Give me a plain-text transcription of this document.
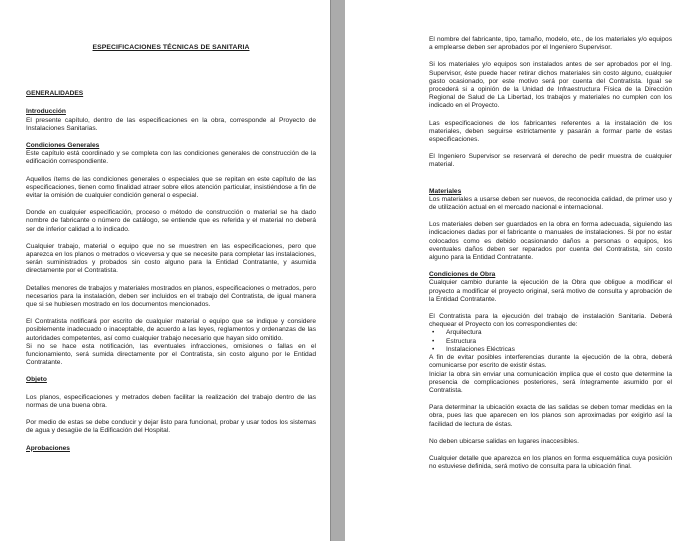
ESPECIFICACIONES TÉCNICAS DE SANITARIA
GENERALIDADES
Introducción

El presente capítulo, dentro de las especificaciones en la obra, corresponde al Proyecto de Instalaciones Sanitarias.

Condiciones Generales

Este capítulo está coordinado y se completa con las condiciones generales de construcción de la edificación correspondiente.

Aquellos ítems de las condiciones generales o especiales que se repitan en este capítulo de las especificaciones, tienen como finalidad atraer sobre ellos atención particular, insistiéndose a fin de evitar la omisión de cualquier condición general o especial.

Donde en cualquier especificación, proceso o método de construcción o material se ha dado nombre de fabricante o número de catálogo, se entiende que es referida y el material no deberá ser de inferior calidad a lo indicado.

Cualquier trabajo, material o equipo que no se muestren en las especificaciones, pero que aparezca en los planos o metrados o viceversa y que se necesite para completar las instalaciones, serán suministrados y probados sin costo alguno para la Entidad Contratante, y asumida directamente por el Contratista.

Detalles menores de trabajos y materiales mostrados en planos, especificaciones o metrados, pero necesarios para la instalación, deben ser incluidos en el trabajo del Contratista, de igual manera que si se hubiesen mostrado en los documentos mencionados.

El Contratista notificará por escrito de cualquier material o equipo que se indique y considere posiblemente inadecuado o inaceptable, de acuerdo a las leyes, reglamentos y ordenanzas de las autoridades competentes, así como cualquier trabajo necesario que hayan sido omitido.

Si no se hace esta notificación, las eventuales infracciones, omisiones o fallas en el funcionamiento, será sumida directamente por el Contratista, sin costo alguno por le Entidad Contratante.

Objeto

Los planos, especificaciones y metrados deben facilitar la realización del trabajo dentro de las normas de una buena obra.

Por medio de estas se debe conducir y dejar listo para funcional, probar y usar todos los sistemas de agua y desagüe de la Edificación del Hospital.

Aprobaciones

El nombre del fabricante, tipo, tamaño, modelo, etc., de los materiales y/o equipos a emplearse deben ser aprobados por el Ingeniero Supervisor.

Si los materiales y/o equipos son instalados antes de ser aprobados por el Ing. Supervisor, éste puede hacer retirar dichos materiales sin costo alguno, cualquier gasto ocasionado, por este motivo será por cuenta del Contratista. Igual se procederá si a opinión de la Unidad de Infraestructura Física de la Dirección Regional de Salud de La Libertad, los trabajos y materiales no cumplen con los indicado en el Proyecto.

Las especificaciones de los fabricantes referentes a la instalación de los materiales, deben seguirse estrictamente y pasarán a formar parte de estas especificaciones.

El Ingeniero Supervisor se reservará el derecho de pedir muestra de cualquier material.

Materiales

Los materiales a usarse deben ser nuevos, de reconocida calidad, de primer uso y de utilización actual en el mercado nacional e internacional.

Los materiales deben ser guardados en la obra en forma adecuada, siguiendo las indicaciones dadas por el fabricante o manuales de instalaciones. Si por no estar colocados como es debido ocasionando daños a personas o equipos, los eventuales daños deben ser reparados por cuenta del Contratista, sin costo alguno para la Entidad Contratante.

Condiciones de Obra

Cualquier cambio durante la ejecución de la Obra que obligue a modificar el proyecto a modificar el proyecto original, será motivo de consulta y aprobación de la Entidad Contratante.

El Contratista para la ejecución del trabajo de instalación Sanitaria. Deberá chequear el Proyecto con los correspondientes de:

• Arquitectura
• Estructura
• Instalaciones Eléctricas

A fin de evitar posibles interferencias durante la ejecución de la obra, deberá comunicarse por escrito de existir éstas.

Iniciar la obra sin enviar una comunicación implica que el costo que determine la presencia de complicaciones posteriores, será íntegramente asumido por el Contratista.

Para determinar la ubicación exacta de las salidas se deben tomar medidas en la obra, pues las que aparecen en los planos son aproximadas por exigirlo así la facilidad de lectura de éstas.

No deben ubicarse salidas en lugares inaccesibles.

Cualquier detalle que aparezca en los planos en forma esquemática cuya posición no estuviese definida, será motivo de consulta para la ubicación final.
